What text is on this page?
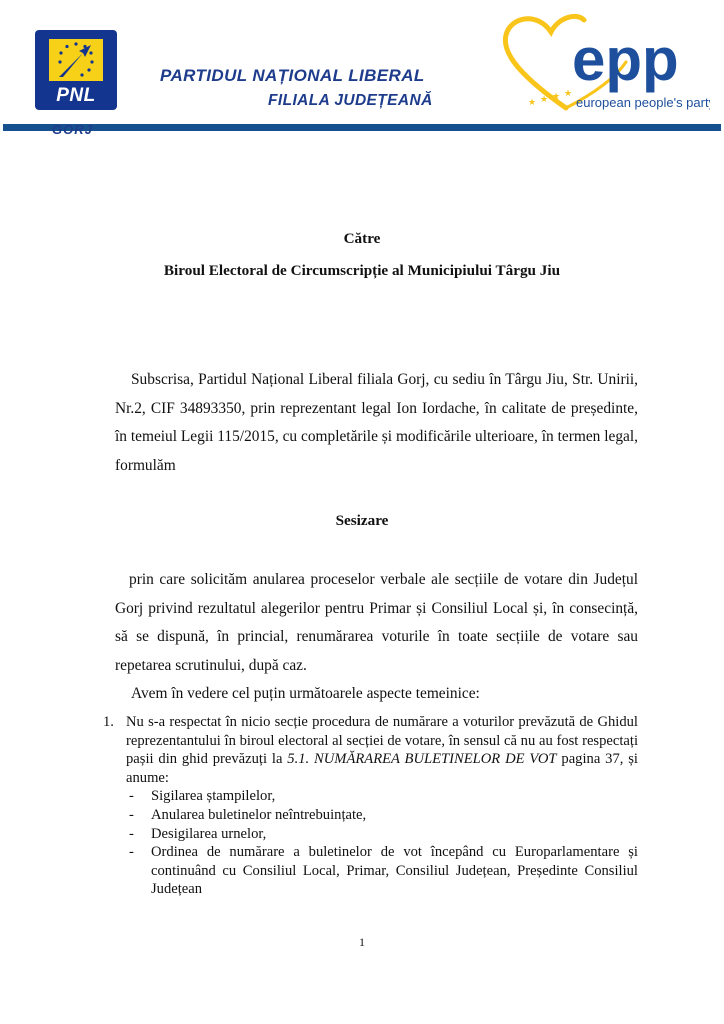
PNL
PARTIDUL NAȚIONAL LIBERAL
FILIALA JUDEȚEANĂ
GORJ
★ ★ ★ ★
epp
european people's party
Către
Biroul Electoral de Circumscripție al Municipiului Târgu Jiu

Subscrisa, Partidul Național Liberal filiala Gorj, cu sediu în Târgu Jiu, Str. Unirii, Nr.2, CIF 34893350, prin reprezentant legal Ion Iordache, în calitate de președinte, în temeiul Legii 115/2015, cu completările și modificările ulterioare, în termen legal, formulăm

Sesizare

prin care solicităm anularea proceselor verbale ale secțiile de votare din Județul Gorj privind rezultatul alegerilor pentru Primar și Consiliul Local și, în consecință, să se dispună, în princial, renumărarea voturile în toate secțiile de votare sau repetarea scrutinului, după caz.

Avem în vedere cel puțin următoarele aspecte temeinice:

1. Nu s-a respectat în nicio secție procedura de numărare a voturilor prevăzută de Ghidul reprezentantului în biroul electoral al secției de votare, în sensul că nu au fost respectați pașii din ghid prevăzuți la 5.1. NUMĂRAREA BULETINELOR DE VOT pagina 37, și anume:
-	Sigilarea ștampilelor,
-	Anularea buletinelor neîntrebuințate,
-	Desigilarea urnelor,
-	Ordinea de numărare a buletinelor de vot începând cu Europarlamentare și continuând cu Consiliul Local, Primar, Consiliul Județean, Președinte Consiliul Județean
1
